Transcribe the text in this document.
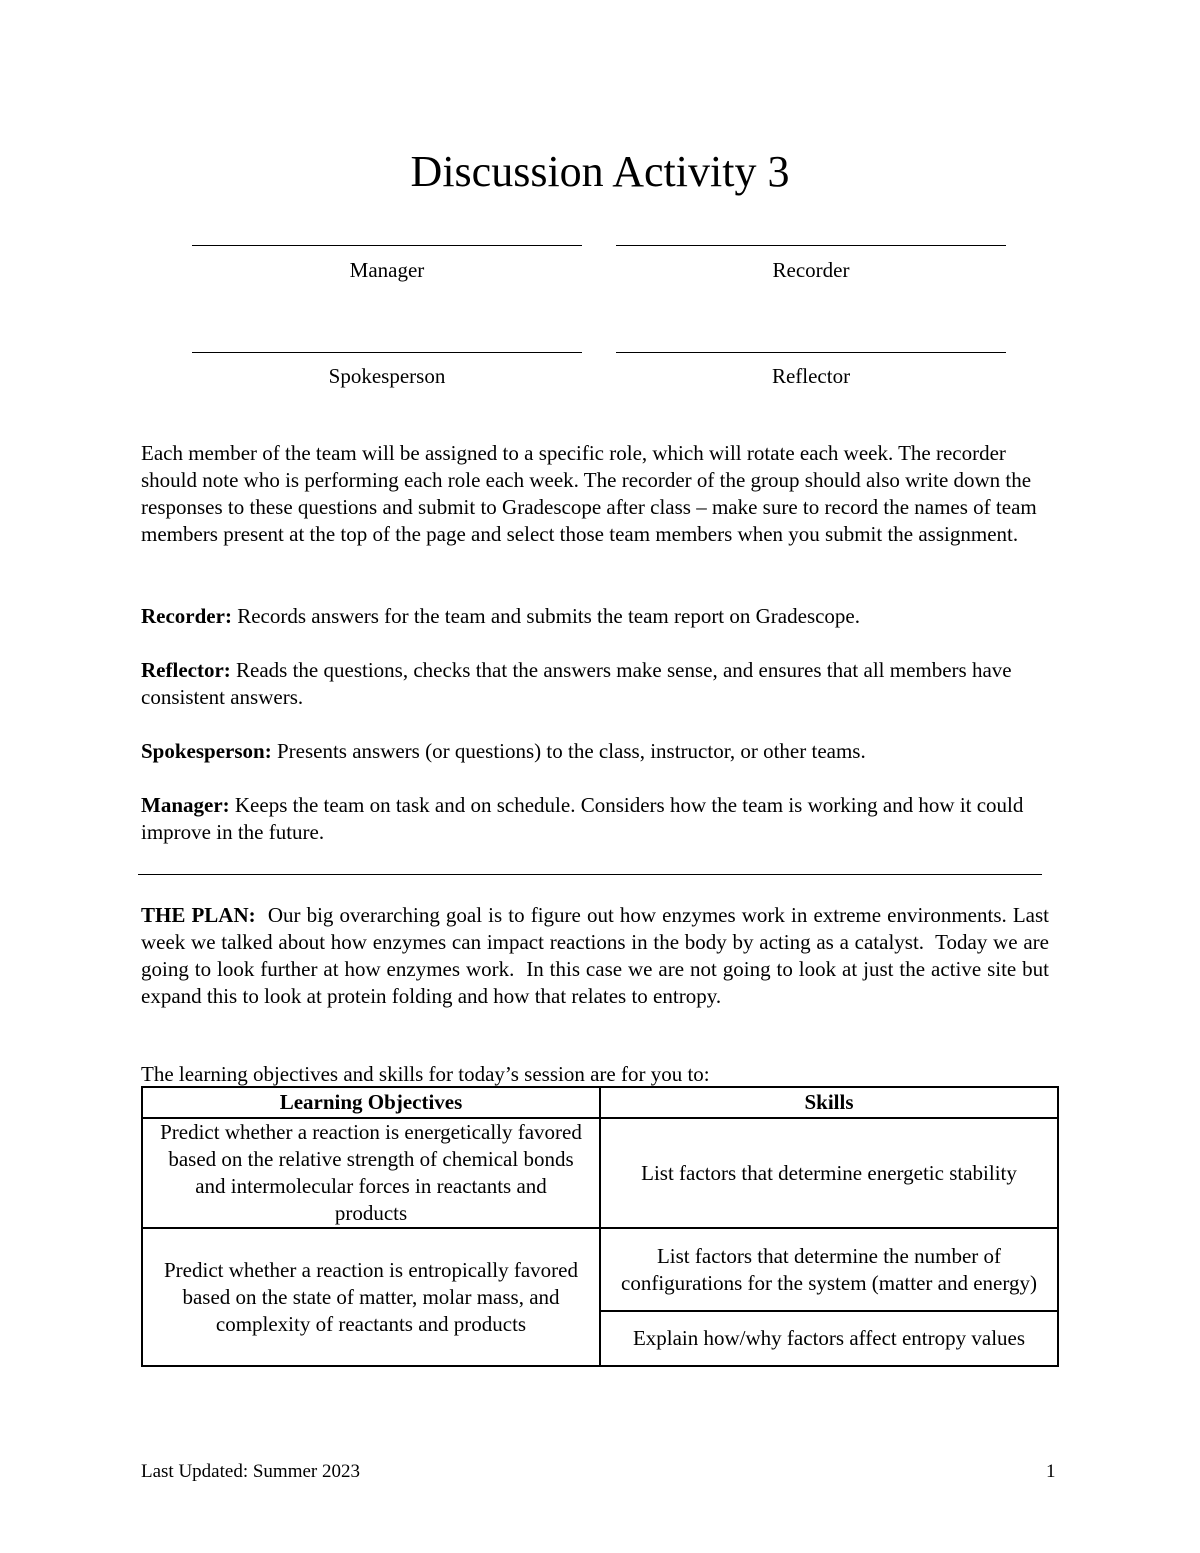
Discussion Activity 3
Manager	Recorder
Spokesperson	Reflector

Each member of the team will be assigned to a specific role, which will rotate each week. The recorder should note who is performing each role each week. The recorder of the group should also write down the responses to these questions and submit to Gradescope after class – make sure to record the names of team members present at the top of the page and select those team members when you submit the assignment.

Recorder: Records answers for the team and submits the team report on Gradescope.

Reflector: Reads the questions, checks that the answers make sense, and ensures that all members have consistent answers.

Spokesperson: Presents answers (or questions) to the class, instructor, or other teams.

Manager: Keeps the team on task and on schedule. Considers how the team is working and how it could improve in the future.

THE PLAN:  Our big overarching goal is to figure out how enzymes work in extreme environments. Last week we talked about how enzymes can impact reactions in the body by acting as a catalyst.  Today we are going to look further at how enzymes work.  In this case we are not going to look at just the active site but expand this to look at protein folding and how that relates to entropy.

The learning objectives and skills for today’s session are for you to:

Learning Objectives	Skills
Predict whether a reaction is energetically favored based on the relative strength of chemical bonds and intermolecular forces in reactants and products	List factors that determine energetic stability
Predict whether a reaction is entropically favored based on the state of matter, molar mass, and complexity of reactants and products	List factors that determine the number of configurations for the system (matter and energy)
	Explain how/why factors affect entropy values
Last Updated: Summer 2023	1
